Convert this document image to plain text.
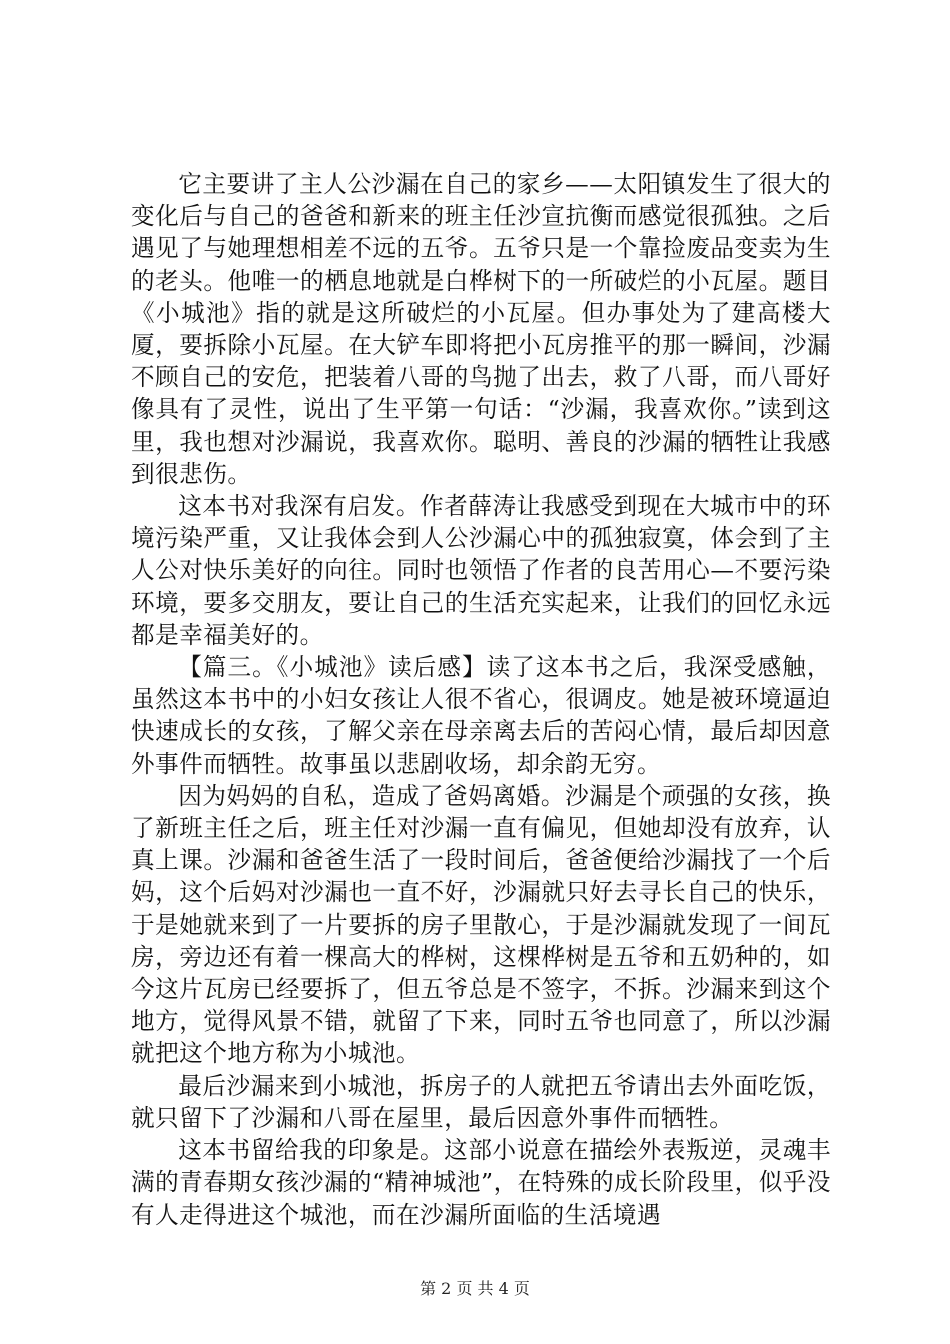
它主要讲了主人公沙漏在自己的家乡——太阳镇发生了很大的变化后与自己的爸爸和新来的班主任沙宣抗衡而感觉很孤独。之后遇见了与她理想相差不远的五爷。五爷只是一个靠捡废品变卖为生的老头。他唯一的栖息地就是白桦树下的一所破烂的小瓦屋。题目《小城池》指的就是这所破烂的小瓦屋。但办事处为了建高楼大厦，要拆除小瓦屋。在大铲车即将把小瓦房推平的那一瞬间，沙漏不顾自己的安危，把装着八哥的鸟抛了出去，救了八哥，而八哥好像具有了灵性，说出了生平第一句话：“沙漏，我喜欢你。”读到这里，我也想对沙漏说，我喜欢你。聪明、善良的沙漏的牺牲让我感到很悲伤。

这本书对我深有启发。作者薛涛让我感受到现在大城市中的环境污染严重，又让我体会到人公沙漏心中的孤独寂寞，体会到了主人公对快乐美好的向往。同时也领悟了作者的良苦用心—不要污染环境，要多交朋友，要让自己的生活充实起来，让我们的回忆永远都是幸福美好的。

【篇三。《小城池》读后感】读了这本书之后，我深受感触，虽然这本书中的小妇女孩让人很不省心，很调皮。她是被环境逼迫快速成长的女孩，了解父亲在母亲离去后的苦闷心情，最后却因意外事件而牺牲。故事虽以悲剧收场，却余韵无穷。

因为妈妈的自私，造成了爸妈离婚。沙漏是个顽强的女孩，换了新班主任之后，班主任对沙漏一直有偏见，但她却没有放弃，认真上课。沙漏和爸爸生活了一段时间后，爸爸便给沙漏找了一个后妈，这个后妈对沙漏也一直不好，沙漏就只好去寻长自己的快乐，于是她就来到了一片要拆的房子里散心，于是沙漏就发现了一间瓦房，旁边还有着一棵高大的桦树，这棵桦树是五爷和五奶种的，如今这片瓦房已经要拆了，但五爷总是不签字，不拆。沙漏来到这个地方，觉得风景不错，就留了下来，同时五爷也同意了，所以沙漏就把这个地方称为小城池。

最后沙漏来到小城池，拆房子的人就把五爷请出去外面吃饭，就只留下了沙漏和八哥在屋里，最后因意外事件而牺牲。

这本书留给我的印象是。这部小说意在描绘外表叛逆，灵魂丰满的青春期女孩沙漏的“精神城池”，在特殊的成长阶段里，似乎没有人走得进这个城池，而在沙漏所面临的生活境遇

第 2 页 共 4 页
